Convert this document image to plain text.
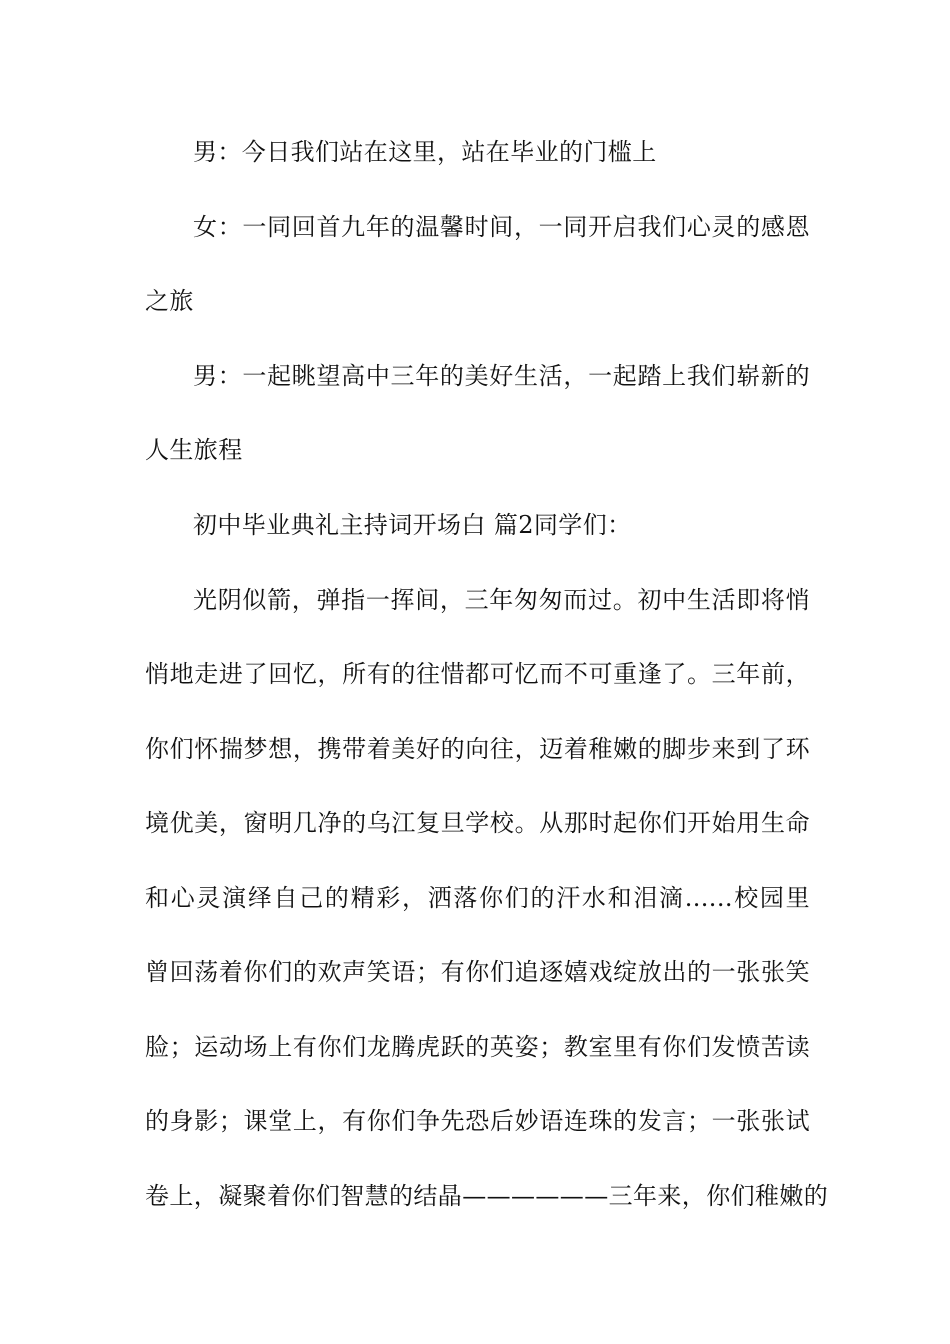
男：今日我们站在这里，站在毕业的门槛上
女：一同回首九年的温馨时间，一同开启我们心灵的感恩
之旅
男：一起眺望高中三年的美好生活，一起踏上我们崭新的
人生旅程
初中毕业典礼主持词开场白 篇2同学们：
光阴似箭，弹指一挥间，三年匆匆而过。初中生活即将悄
悄地走进了回忆，所有的往惜都可忆而不可重逢了。三年前，
你们怀揣梦想，携带着美好的向往，迈着稚嫩的脚步来到了环
境优美，窗明几净的乌江复旦学校。从那时起你们开始用生命
和心灵演绎自己的精彩，洒落你们的汗水和泪滴......校园里
曾回荡着你们的欢声笑语；有你们追逐嬉戏绽放出的一张张笑
脸；运动场上有你们龙腾虎跃的英姿；教室里有你们发愤苦读
的身影；课堂上，有你们争先恐后妙语连珠的发言；一张张试
卷上，凝聚着你们智慧的结晶——————三年来，你们稚嫩的
